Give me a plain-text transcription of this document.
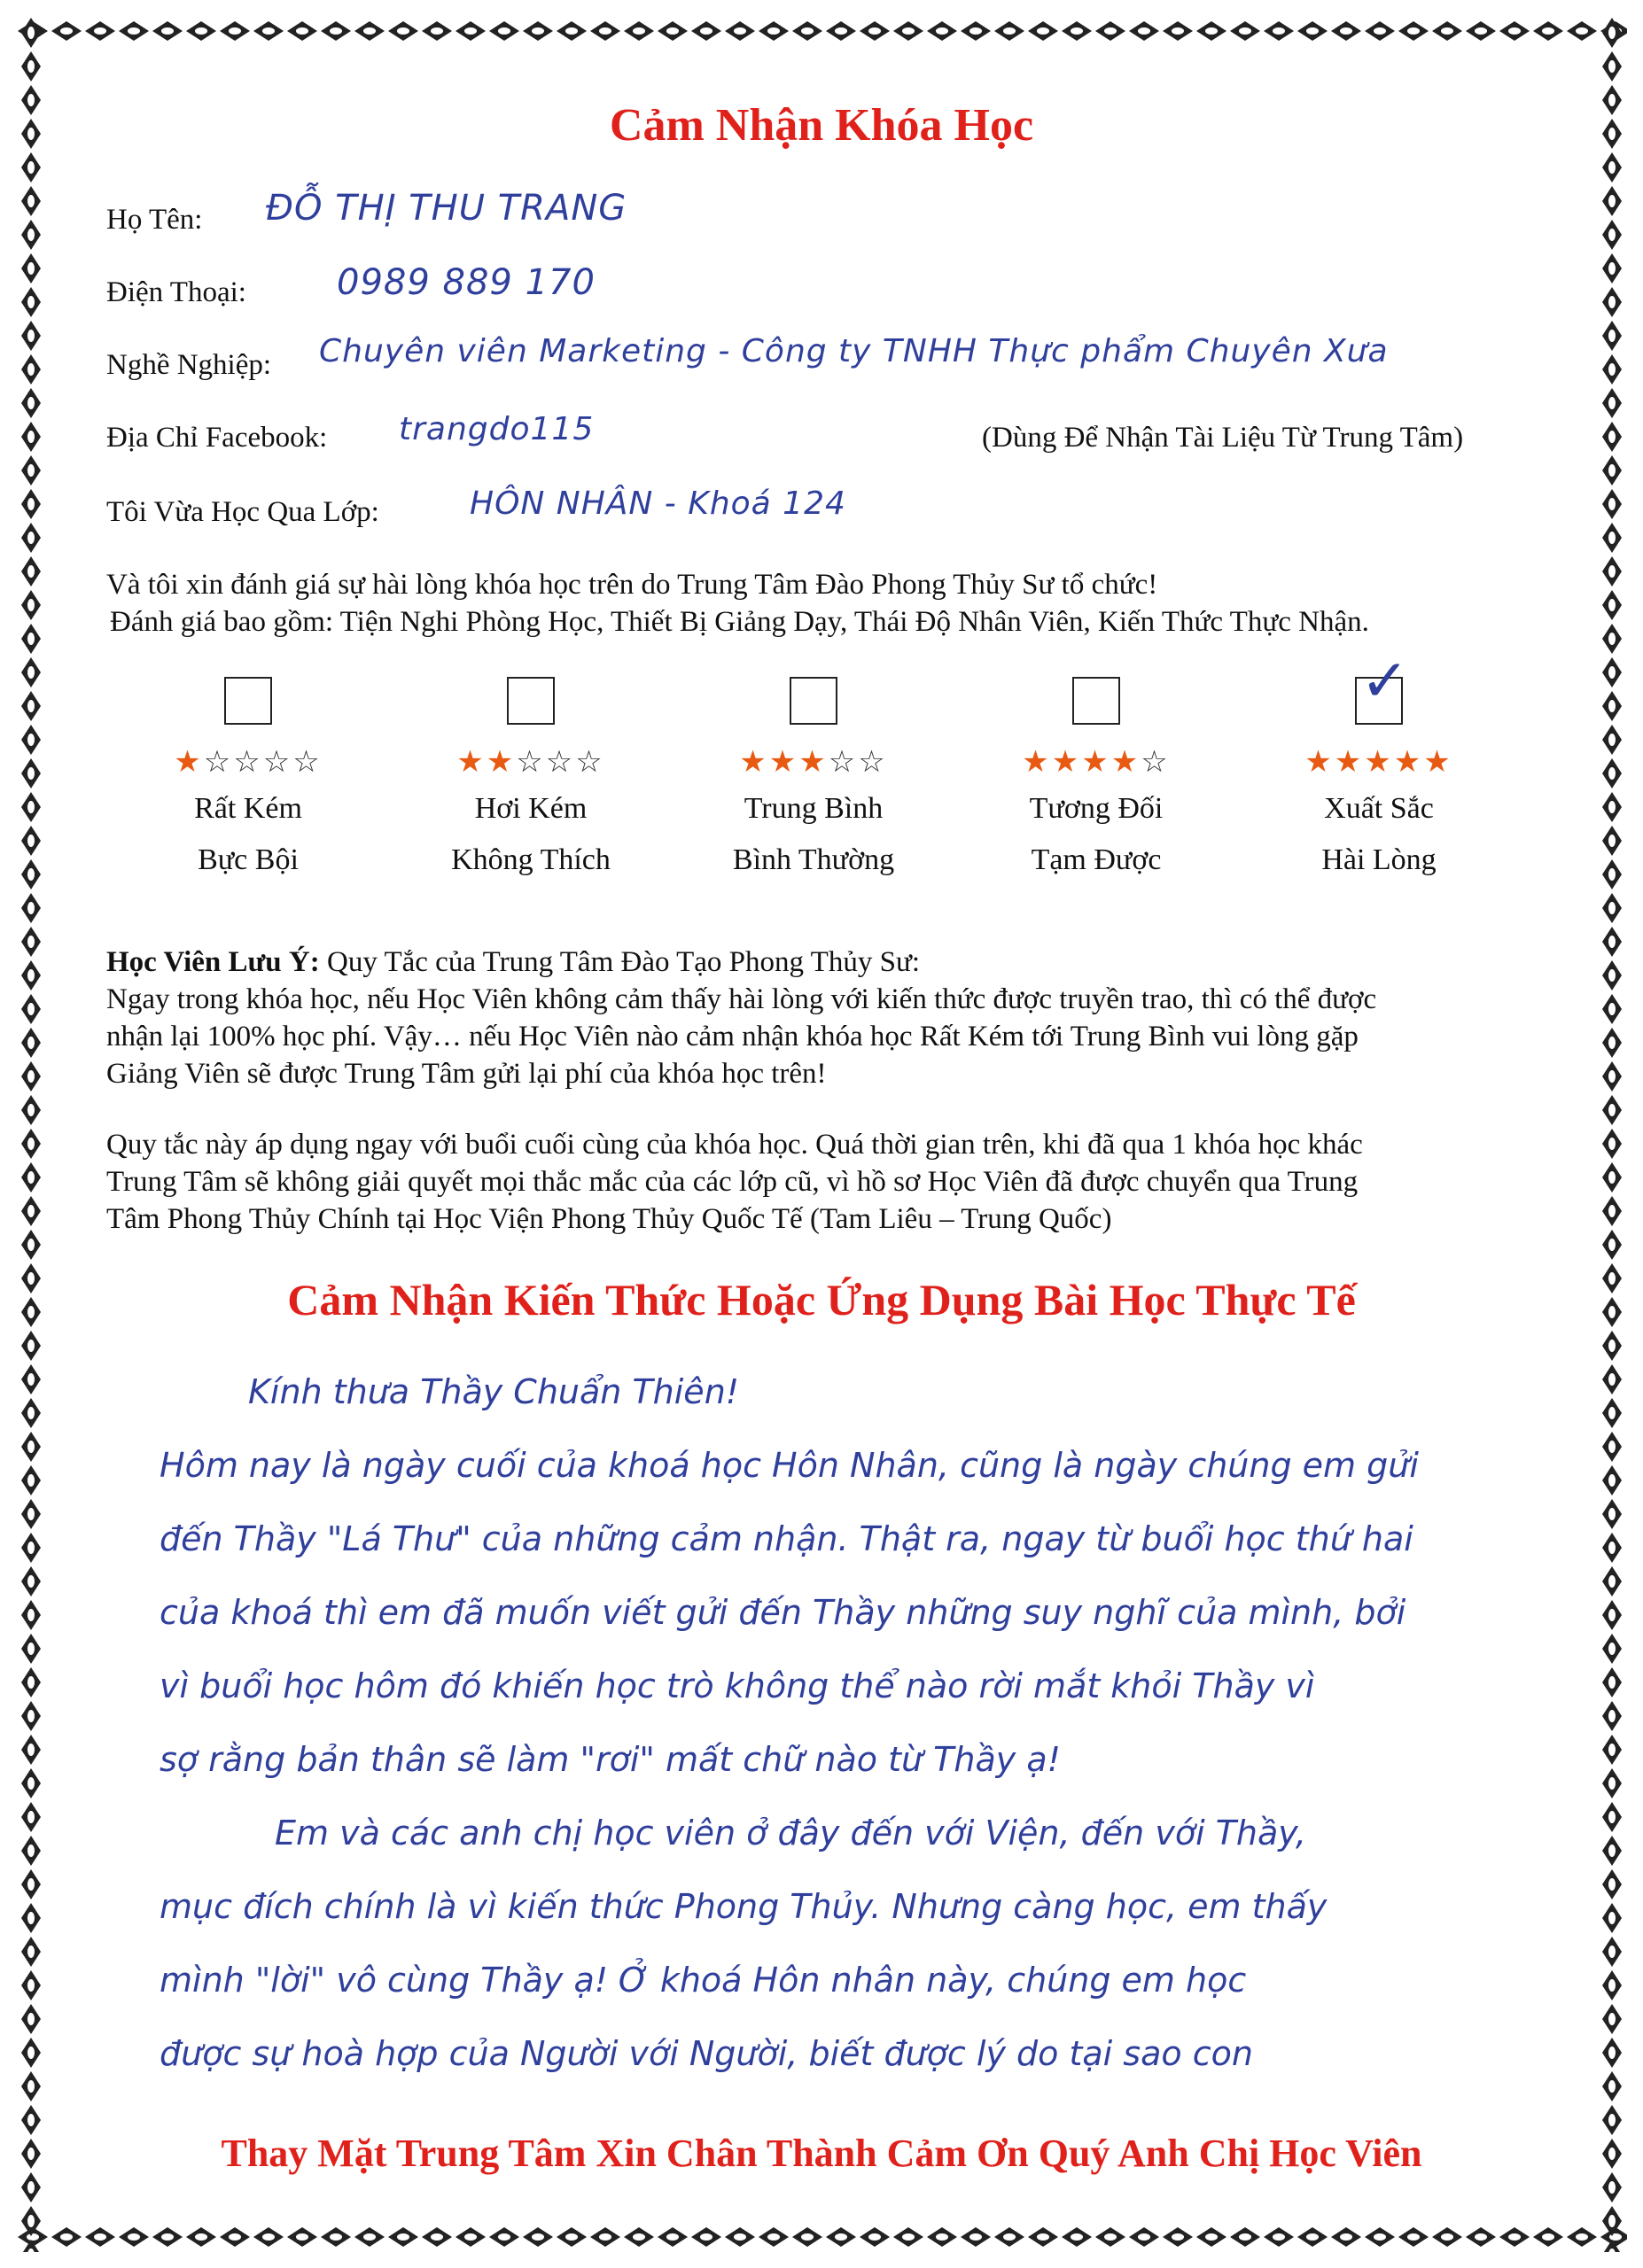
Cảm Nhận Khóa Học
Họ Tên: ĐỖ THỊ THU TRANG
Điện Thoại:	0989 889 170
Nghề Nghiệp: Chuyên viên Marketing - Công ty TNHH Thực phẩm Chuyên Xưa
Địa Chỉ Facebook: trangdo115	(Dùng Để Nhận Tài Liệu Từ Trung Tâm)
Tôi Vừa Học Qua Lớp:	HÔN NHÂN - Khoá 124
Và tôi xin đánh giá sự hài lòng khóa học trên do Trung Tâm Đào Phong Thủy Sư tổ chức!
Đánh giá bao gồm: Tiện Nghi Phòng Học, Thiết Bị Giảng Dạy, Thái Độ Nhân Viên, Kiến Thức Thực Nhận.
★☆☆☆☆
Rất Kém
Bực Bội
★★☆☆☆
Hơi Kém
Không Thích
★★★☆☆
Trung Bình
Bình Thường
★★★★☆
Tương Đối
Tạm Được
✓
★★★★★
Xuất Sắc
Hài Lòng
Học Viên Lưu Ý: Quy Tắc của Trung Tâm Đào Tạo Phong Thủy Sư:
Ngay trong khóa học, nếu Học Viên không cảm thấy hài lòng với kiến thức được truyền trao, thì có thể được
nhận lại 100% học phí. Vậy… nếu Học Viên nào cảm nhận khóa học Rất Kém tới Trung Bình vui lòng gặp
Giảng Viên sẽ được Trung Tâm gửi lại phí của khóa học trên!
Quy tắc này áp dụng ngay với buổi cuối cùng của khóa học. Quá thời gian trên, khi đã qua 1 khóa học khác
Trung Tâm sẽ không giải quyết mọi thắc mắc của các lớp cũ, vì hồ sơ Học Viên đã được chuyển qua Trung
Tâm Phong Thủy Chính tại Học Viện Phong Thủy Quốc Tế (Tam Liêu – Trung Quốc)
Cảm Nhận Kiến Thức Hoặc Ứng Dụng Bài Học Thực Tế

Kính thưa Thầy Chuẩn Thiên!

Hôm nay là ngày cuối của khoá học Hôn Nhân, cũng là ngày chúng em gửi

đến Thầy "Lá Thư" của những cảm nhận. Thật ra, ngay từ buổi học thứ hai

của khoá thì em đã muốn viết gửi đến Thầy những suy nghĩ của mình, bởi

vì buổi học hôm đó khiến học trò không thể nào rời mắt khỏi Thầy vì

sợ rằng bản thân sẽ làm "rơi" mất chữ nào từ Thầy ạ!

Em và các anh chị học viên ở đây đến với Viện, đến với Thầy,

mục đích chính là vì kiến thức Phong Thủy. Nhưng càng học, em thấy

mình "lời" vô cùng Thầy ạ! Ở khoá Hôn nhân này, chúng em học

được sự hoà hợp của Người với Người, biết được lý do tại sao con

Thay Mặt Trung Tâm Xin Chân Thành Cảm Ơn Quý Anh Chị Học Viên
